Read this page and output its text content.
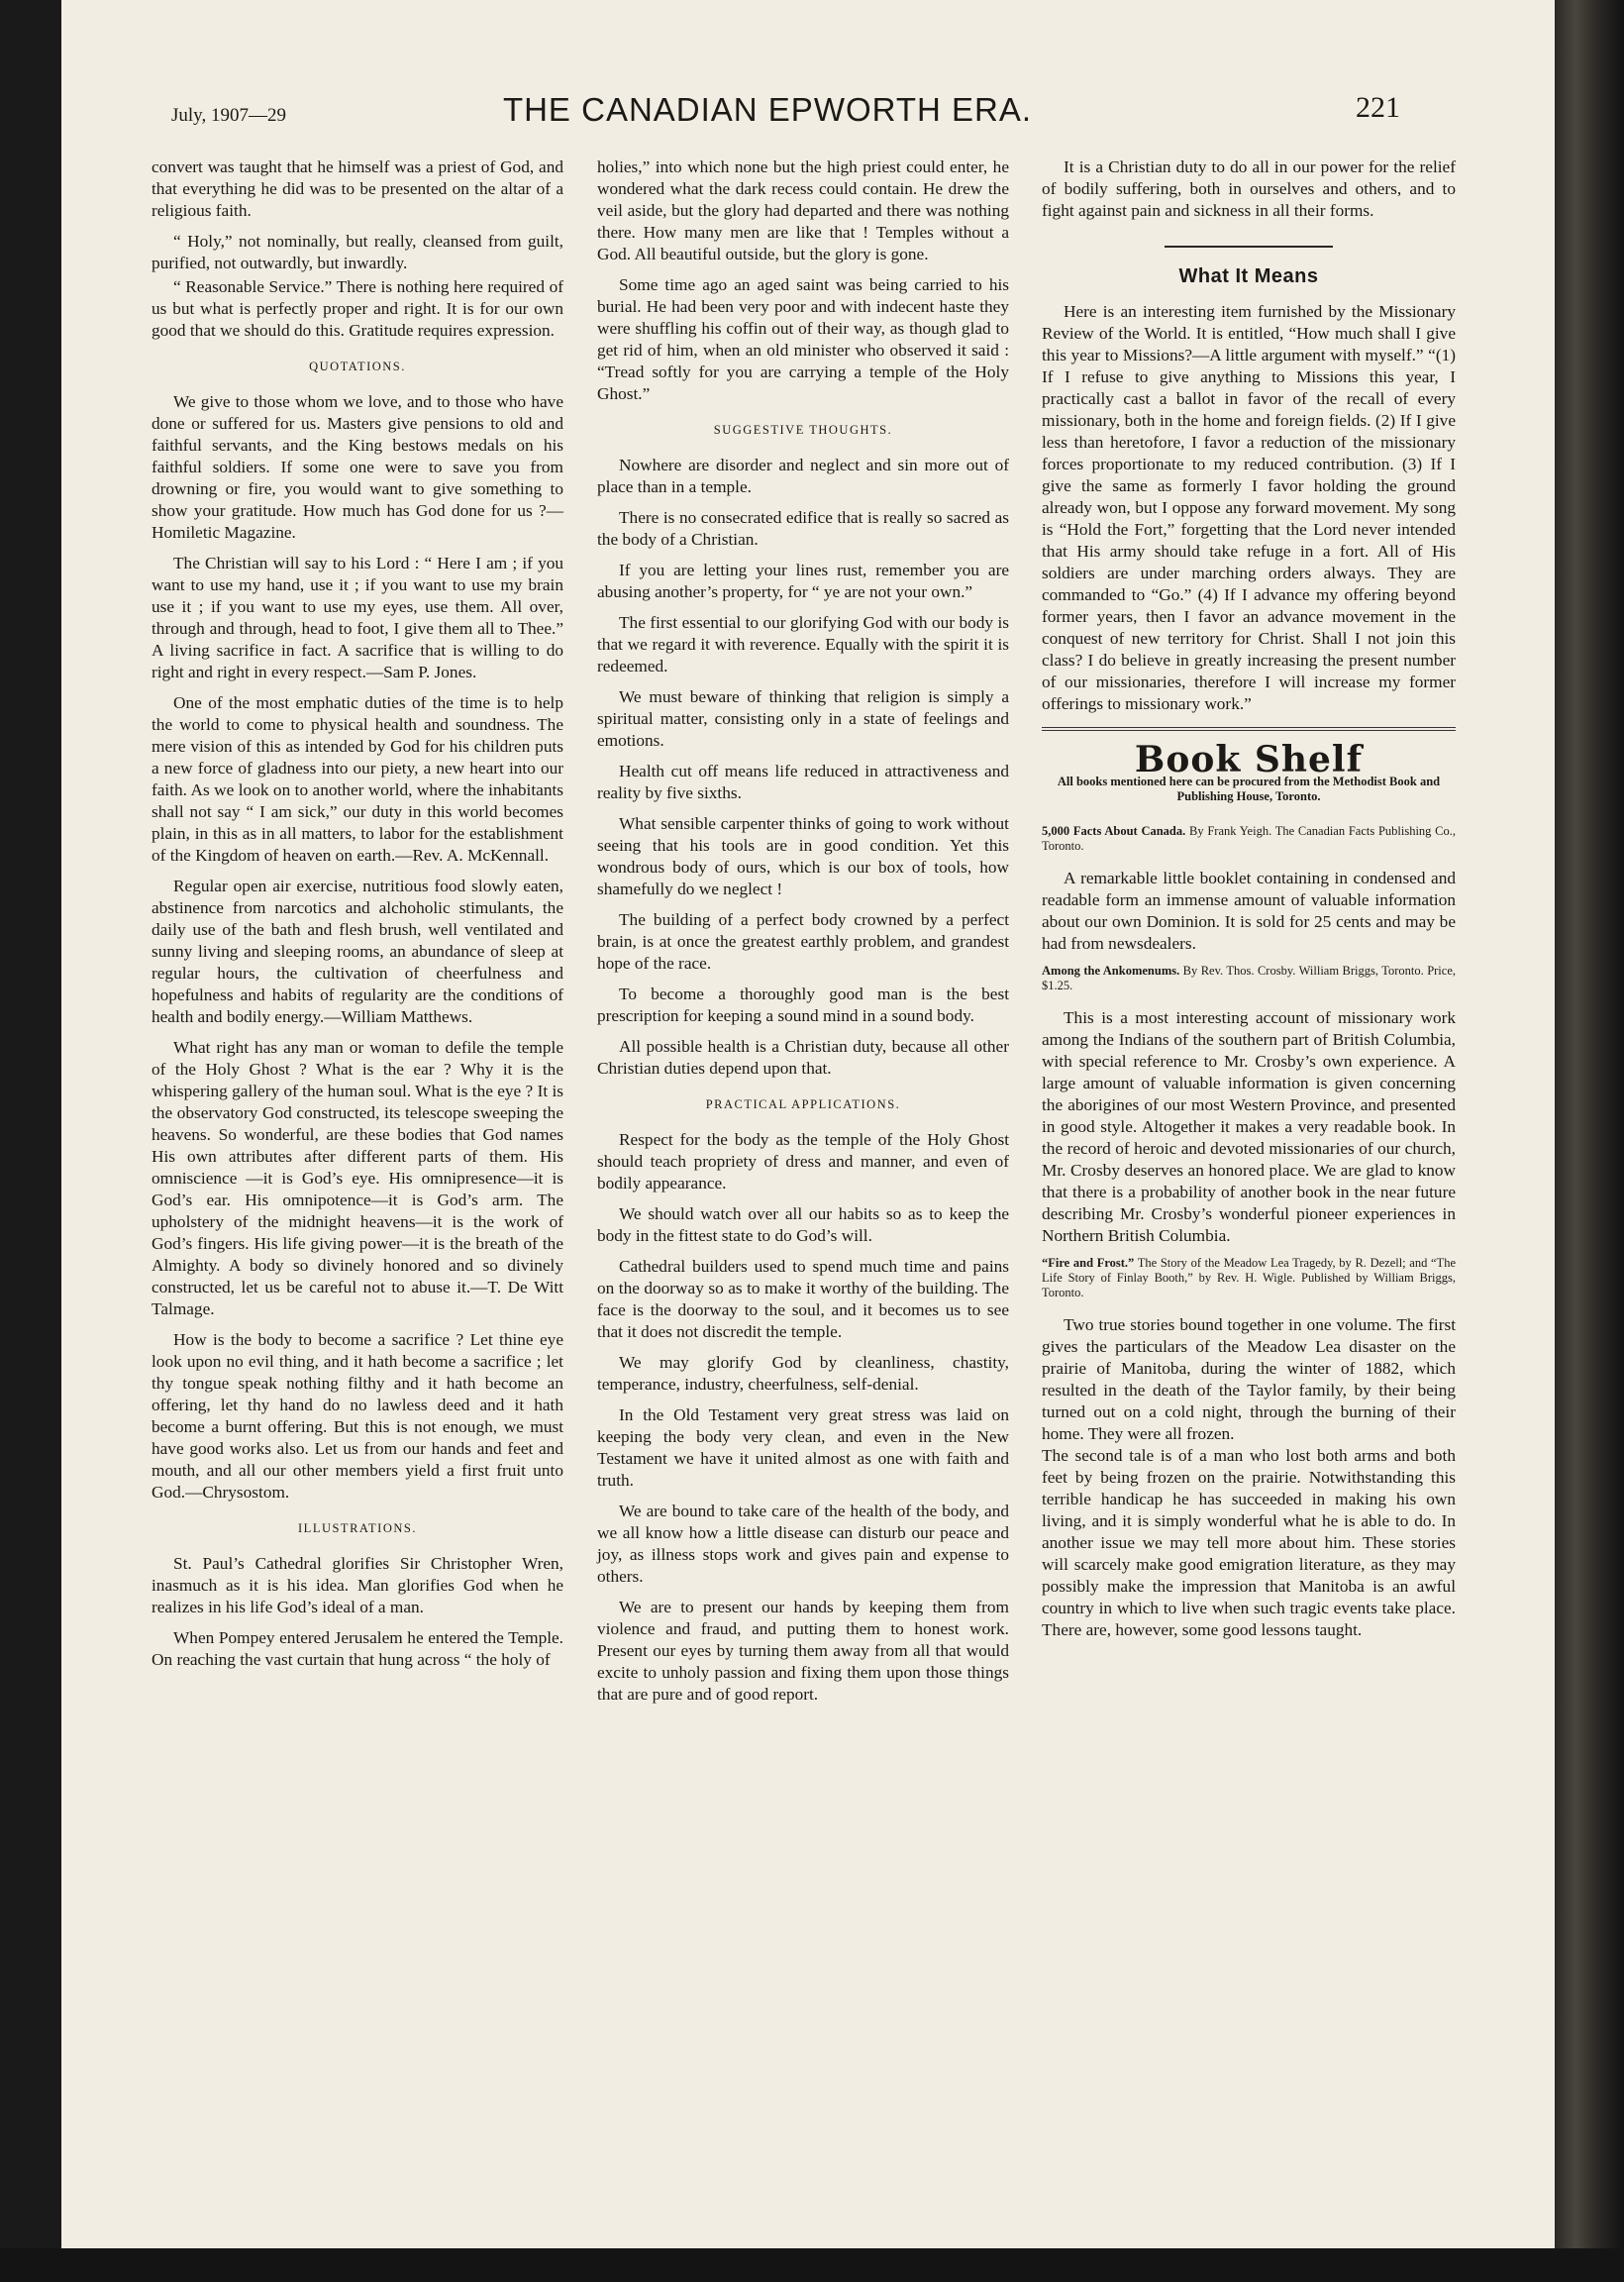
July, 1907—29	THE CANADIAN EPWORTH ERA.	221

convert was taught that he himself was a priest of God, and that everything he did was to be presented on the altar of a religious faith.

“ Holy,” not nominally, but really, cleansed from guilt, purified, not outwardly, but inwardly.

“ Reasonable Service.” There is nothing here required of us but what is perfectly proper and right. It is for our own good that we should do this. Gratitude requires expression.

QUOTATIONS.

We give to those whom we love, and to those who have done or suffered for us. Masters give pensions to old and faithful servants, and the King bestows medals on his faithful soldiers. If some one were to save you from drowning or fire, you would want to give something to show your gratitude. How much has God done for us ?—Homiletic Magazine.

The Christian will say to his Lord : “ Here I am ; if you want to use my hand, use it ; if you want to use my brain use it ; if you want to use my eyes, use them. All over, through and through, head to foot, I give them all to Thee.” A living sacrifice in fact. A sacrifice that is willing to do right and right in every respect.—Sam P. Jones.

One of the most emphatic duties of the time is to help the world to come to physical health and soundness. The mere vision of this as intended by God for his children puts a new force of gladness into our piety, a new heart into our faith. As we look on to another world, where the inhabitants shall not say “ I am sick,” our duty in this world becomes plain, in this as in all matters, to labor for the establishment of the Kingdom of heaven on earth.—Rev. A. McKennall.

Regular open air exercise, nutritious food slowly eaten, abstinence from narcotics and alchoholic stimulants, the daily use of the bath and flesh brush, well ventilated and sunny living and sleeping rooms, an abundance of sleep at regular hours, the cultivation of cheerfulness and hopefulness and habits of regularity are the conditions of health and bodily energy.—William Matthews.

What right has any man or woman to defile the temple of the Holy Ghost ? What is the ear ? Why it is the whispering gallery of the human soul. What is the eye ? It is the observatory God constructed, its telescope sweeping the heavens. So wonderful, are these bodies that God names His own attributes after different parts of them. His omniscience —it is God’s eye. His omnipresence—it is God’s ear. His omnipotence—it is God’s arm. The upholstery of the midnight heavens—it is the work of God’s fingers. His life giving power—it is the breath of the Almighty. A body so divinely honored and so divinely constructed, let us be careful not to abuse it.—T. De Witt Talmage.

How is the body to become a sacrifice ? Let thine eye look upon no evil thing, and it hath become a sacrifice ; let thy tongue speak nothing filthy and it hath become an offering, let thy hand do no lawless deed and it hath become a burnt offering. But this is not enough, we must have good works also. Let us from our hands and feet and mouth, and all our other members yield a first fruit unto God.—Chrysostom.

ILLUSTRATIONS.

St. Paul’s Cathedral glorifies Sir Christopher Wren, inasmuch as it is his idea. Man glorifies God when he realizes in his life God’s ideal of a man.

When Pompey entered Jerusalem he entered the Temple. On reaching the vast curtain that hung across “ the holy of

holies,” into which none but the high priest could enter, he wondered what the dark recess could contain. He drew the veil aside, but the glory had departed and there was nothing there. How many men are like that ! Temples without a God. All beautiful outside, but the glory is gone.

Some time ago an aged saint was being carried to his burial. He had been very poor and with indecent haste they were shuffling his coffin out of their way, as though glad to get rid of him, when an old minister who observed it said : “Tread softly for you are carrying a temple of the Holy Ghost.”

SUGGESTIVE THOUGHTS.

Nowhere are disorder and neglect and sin more out of place than in a temple.

There is no consecrated edifice that is really so sacred as the body of a Christian.

If you are letting your lines rust, remember you are abusing another’s property, for “ ye are not your own.”

The first essential to our glorifying God with our body is that we regard it with reverence. Equally with the spirit it is redeemed.

We must beware of thinking that religion is simply a spiritual matter, consisting only in a state of feelings and emotions.

Health cut off means life reduced in attractiveness and reality by five sixths.

What sensible carpenter thinks of going to work without seeing that his tools are in good condition. Yet this wondrous body of ours, which is our box of tools, how shamefully do we neglect !

The building of a perfect body crowned by a perfect brain, is at once the greatest earthly problem, and grandest hope of the race.

To become a thoroughly good man is the best prescription for keeping a sound mind in a sound body.

All possible health is a Christian duty, because all other Christian duties depend upon that.

PRACTICAL APPLICATIONS.

Respect for the body as the temple of the Holy Ghost should teach propriety of dress and manner, and even of bodily appearance.

We should watch over all our habits so as to keep the body in the fittest state to do God’s will.

Cathedral builders used to spend much time and pains on the doorway so as to make it worthy of the building. The face is the doorway to the soul, and it becomes us to see that it does not discredit the temple.

We may glorify God by cleanliness, chastity, temperance, industry, cheerfulness, self-denial.

In the Old Testament very great stress was laid on keeping the body very clean, and even in the New Testament we have it united almost as one with faith and truth.

We are bound to take care of the health of the body, and we all know how a little disease can disturb our peace and joy, as illness stops work and gives pain and expense to others.

We are to present our hands by keeping them from violence and fraud, and putting them to honest work. Present our eyes by turning them away from all that would excite to unholy passion and fixing them upon those things that are pure and of good report.

It is a Christian duty to do all in our power for the relief of bodily suffering, both in ourselves and others, and to fight against pain and sickness in all their forms.

What It Means

Here is an interesting item furnished by the Missionary Review of the World. It is entitled, “How much shall I give this year to Missions?—A little argument with myself.” “(1) If I refuse to give anything to Missions this year, I practically cast a ballot in favor of the recall of every missionary, both in the home and foreign fields. (2) If I give less than heretofore, I favor a reduction of the missionary forces proportionate to my reduced contribution. (3) If I give the same as formerly I favor holding the ground already won, but I oppose any forward movement. My song is “Hold the Fort,” forgetting that the Lord never intended that His army should take refuge in a fort. All of His soldiers are under marching orders always. They are commanded to “Go.” (4) If I advance my offering beyond former years, then I favor an advance movement in the conquest of new territory for Christ. Shall I not join this class? I do believe in greatly increasing the present number of our missionaries, therefore I will increase my former offerings to missionary work.”

Book Shelf
All books mentioned here can be procured from the Methodist Book and Publishing House, Toronto.
5,000 Facts About Canada. By Frank Yeigh. The Canadian Facts Publishing Co., Toronto.

A remarkable little booklet containing in condensed and readable form an immense amount of valuable information about our own Dominion. It is sold for 25 cents and may be had from newsdealers.

Among the Ankomenums. By Rev. Thos. Crosby. William Briggs, Toronto. Price, $1.25.

This is a most interesting account of missionary work among the Indians of the southern part of British Columbia, with special reference to Mr. Crosby’s own experience. A large amount of valuable information is given concerning the aborigines of our most Western Province, and presented in good style. Altogether it makes a very readable book. In the record of heroic and devoted missionaries of our church, Mr. Crosby deserves an honored place. We are glad to know that there is a probability of another book in the near future describing Mr. Crosby’s wonderful pioneer experiences in Northern British Columbia.

“Fire and Frost.” The Story of the Meadow Lea Tragedy, by R. Dezell; and “The Life Story of Finlay Booth,” by Rev. H. Wigle. Published by William Briggs, Toronto.

Two true stories bound together in one volume. The first gives the particulars of the Meadow Lea disaster on the prairie of Manitoba, during the winter of 1882, which resulted in the death of the Taylor family, by their being turned out on a cold night, through the burning of their home. They were all frozen.

The second tale is of a man who lost both arms and both feet by being frozen on the prairie. Notwithstanding this terrible handicap he has succeeded in making his own living, and it is simply wonderful what he is able to do. In another issue we may tell more about him. These stories will scarcely make good emigration literature, as they may possibly make the impression that Manitoba is an awful country in which to live when such tragic events take place. There are, however, some good lessons taught.
